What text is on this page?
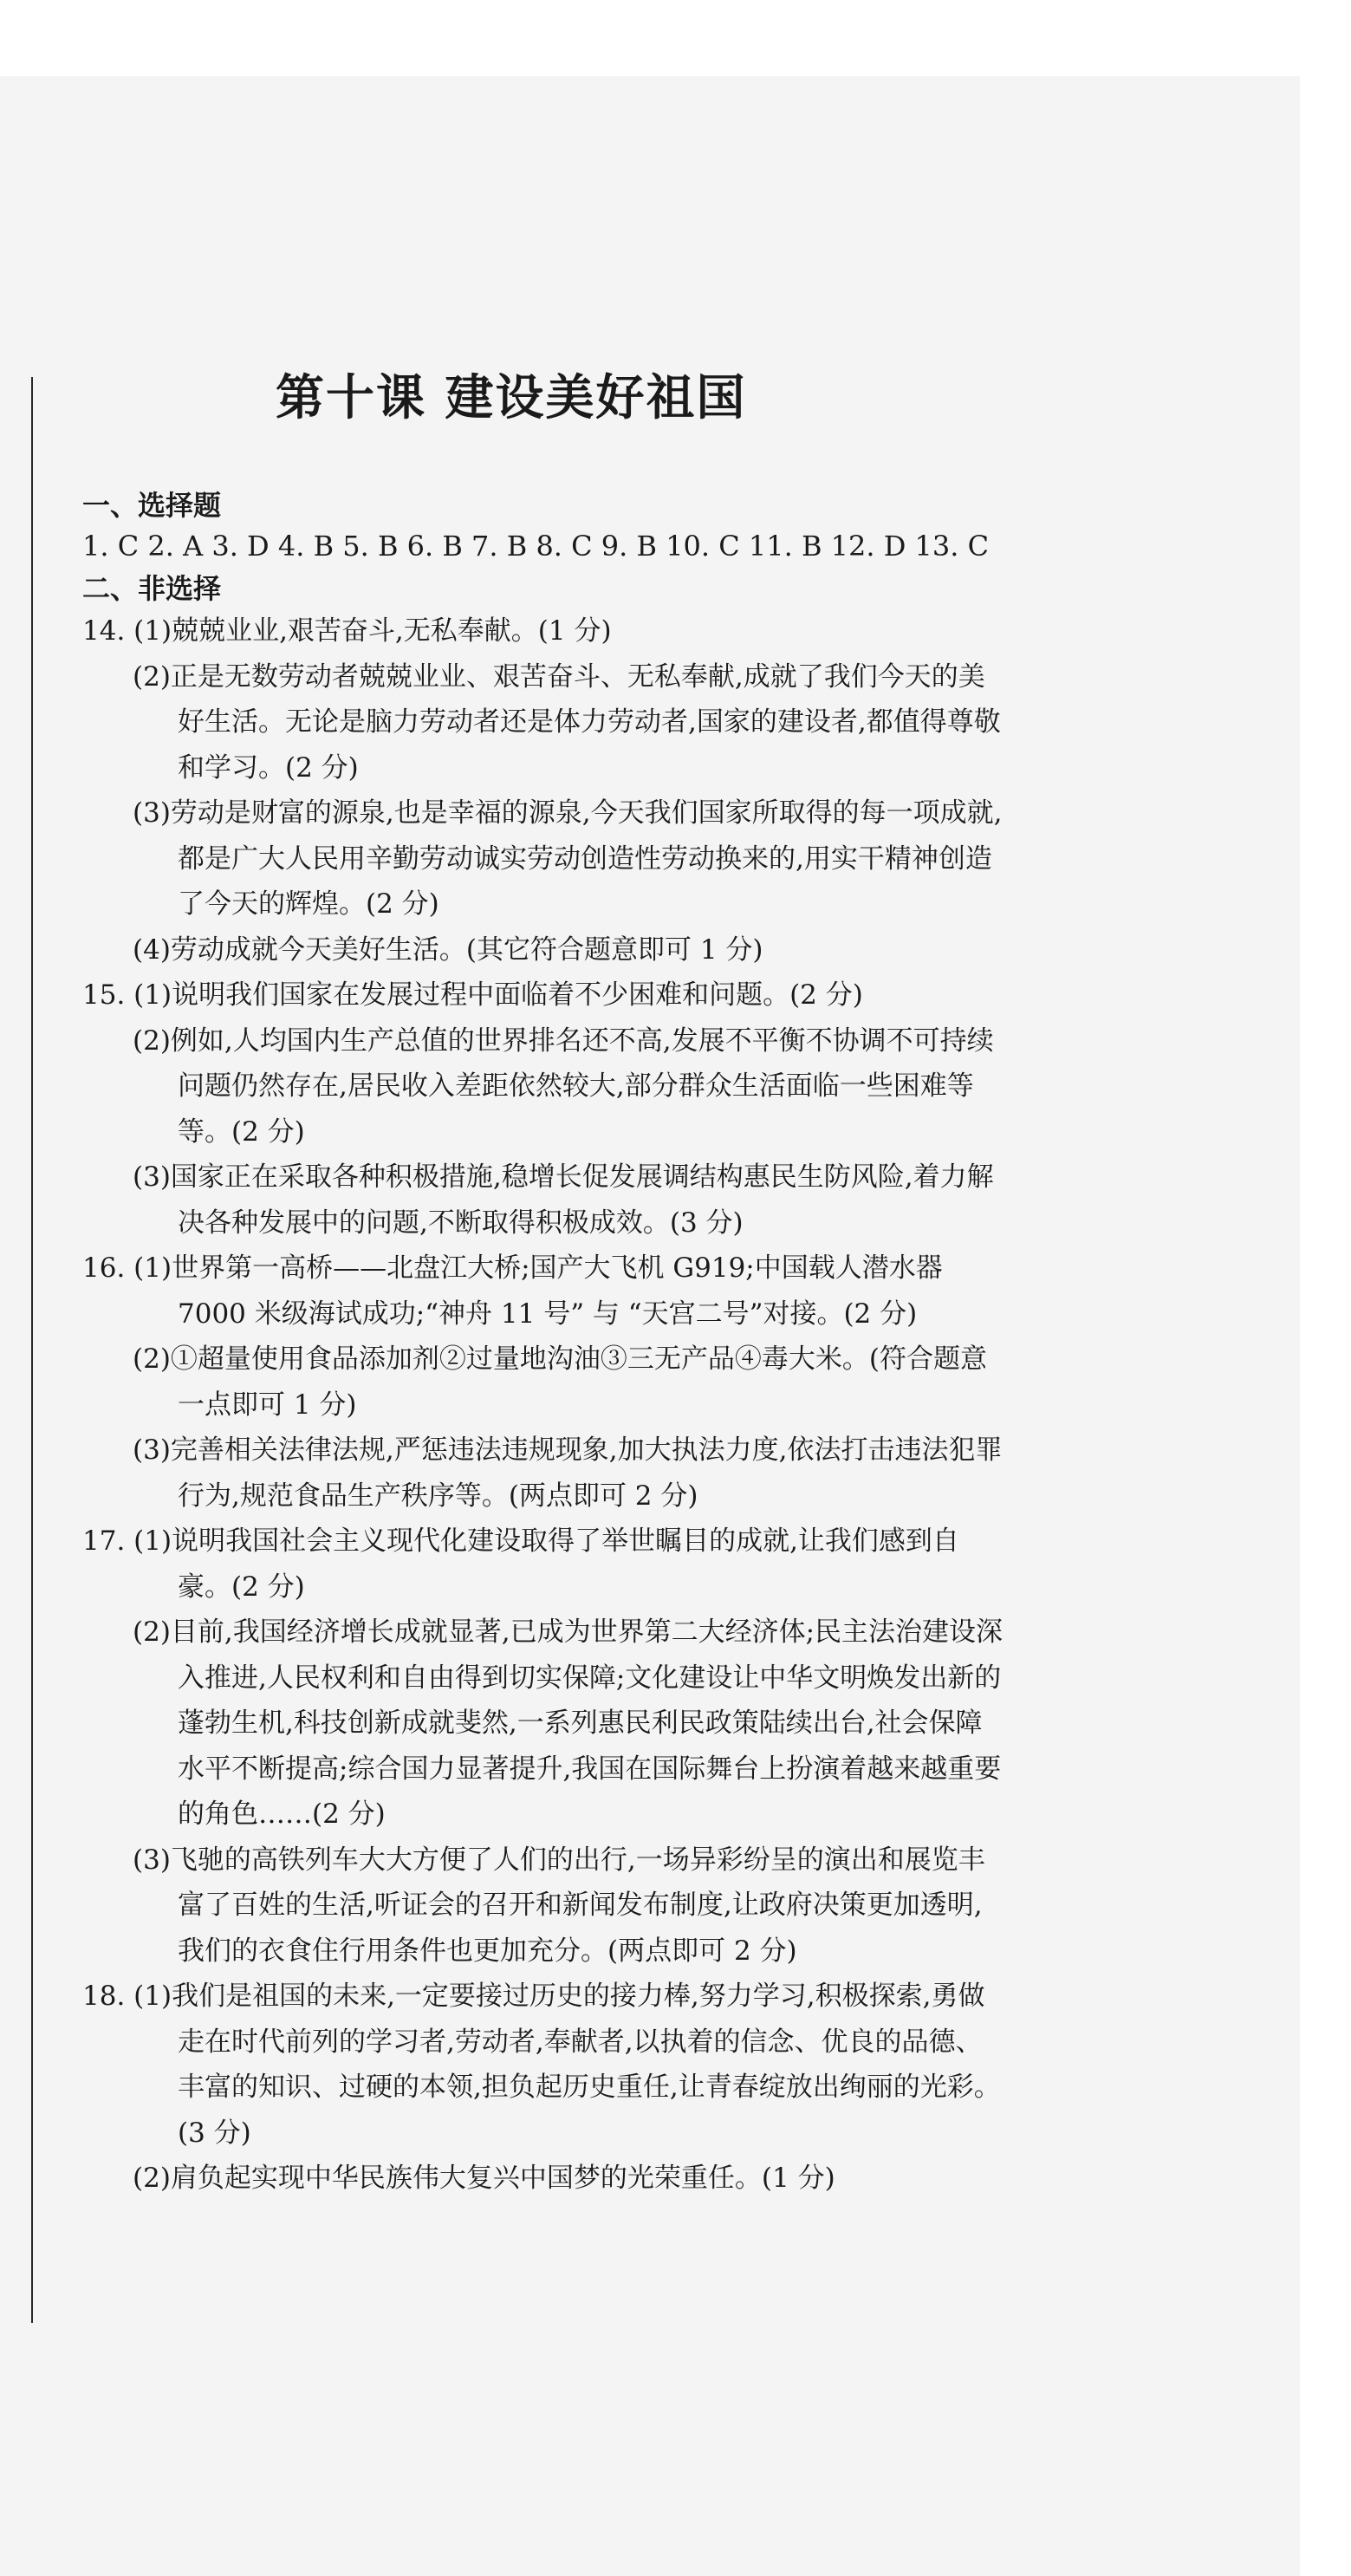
第十课 建设美好祖国
一、选择题
1. C 2. A 3. D 4. B 5. B 6. B 7. B 8. C 9. B 10. C 11. B 12. D 13. C
二、非选择
14. (1)兢兢业业,艰苦奋斗,无私奉献。(1 分)
(2)正是无数劳动者兢兢业业、艰苦奋斗、无私奉献,成就了我们今天的美好生活。无论是脑力劳动者还是体力劳动者,国家的建设者,都值得尊敬和学习。(2 分)
(3)劳动是财富的源泉,也是幸福的源泉,今天我们国家所取得的每一项成就, 都是广大人民用辛勤劳动诚实劳动创造性劳动换来的,用实干精神创造了今天的辉煌。(2 分)
(4)劳动成就今天美好生活。(其它符合题意即可 1 分)
15. (1)说明我们国家在发展过程中面临着不少困难和问题。(2 分)
(2)例如,人均国内生产总值的世界排名还不高,发展不平衡不协调不可持续问题仍然存在,居民收入差距依然较大,部分群众生活面临一些困难等等。(2 分)
(3)国家正在采取各种积极措施,稳增长促发展调结构惠民生防风险,着力解决各种发展中的问题,不断取得积极成效。(3 分)
16. (1)世界第一高桥——北盘江大桥;国产大飞机 G919;中国载人潜水器 7000 米级海试成功;“神舟 11 号” 与 “天宫二号”对接。(2 分)
(2)①超量使用食品添加剂②过量地沟油③三无产品④毒大米。(符合题意一点即可 1 分)
(3)完善相关法律法规,严惩违法违规现象,加大执法力度,依法打击违法犯罪行为,规范食品生产秩序等。(两点即可 2 分)
17. (1)说明我国社会主义现代化建设取得了举世瞩目的成就,让我们感到自豪。(2 分)
(2)目前,我国经济增长成就显著,已成为世界第二大经济体;民主法治建设深入推进,人民权利和自由得到切实保障;文化建设让中华文明焕发出新的蓬勃生机,科技创新成就斐然,一系列惠民利民政策陆续出台,社会保障水平不断提高;综合国力显著提升,我国在国际舞台上扮演着越来越重要的角色……(2 分)
(3)飞驰的高铁列车大大方便了人们的出行,一场异彩纷呈的演出和展览丰富了百姓的生活,听证会的召开和新闻发布制度,让政府决策更加透明, 我们的衣食住行用条件也更加充分。(两点即可 2 分)
18. (1)我们是祖国的未来,一定要接过历史的接力棒,努力学习,积极探索,勇做走在时代前列的学习者,劳动者,奉献者,以执着的信念、优良的品德、丰富的知识、过硬的本领,担负起历史重任,让青春绽放出绚丽的光彩。(3 分)
(2)肩负起实现中华民族伟大复兴中国梦的光荣重任。(1 分)
